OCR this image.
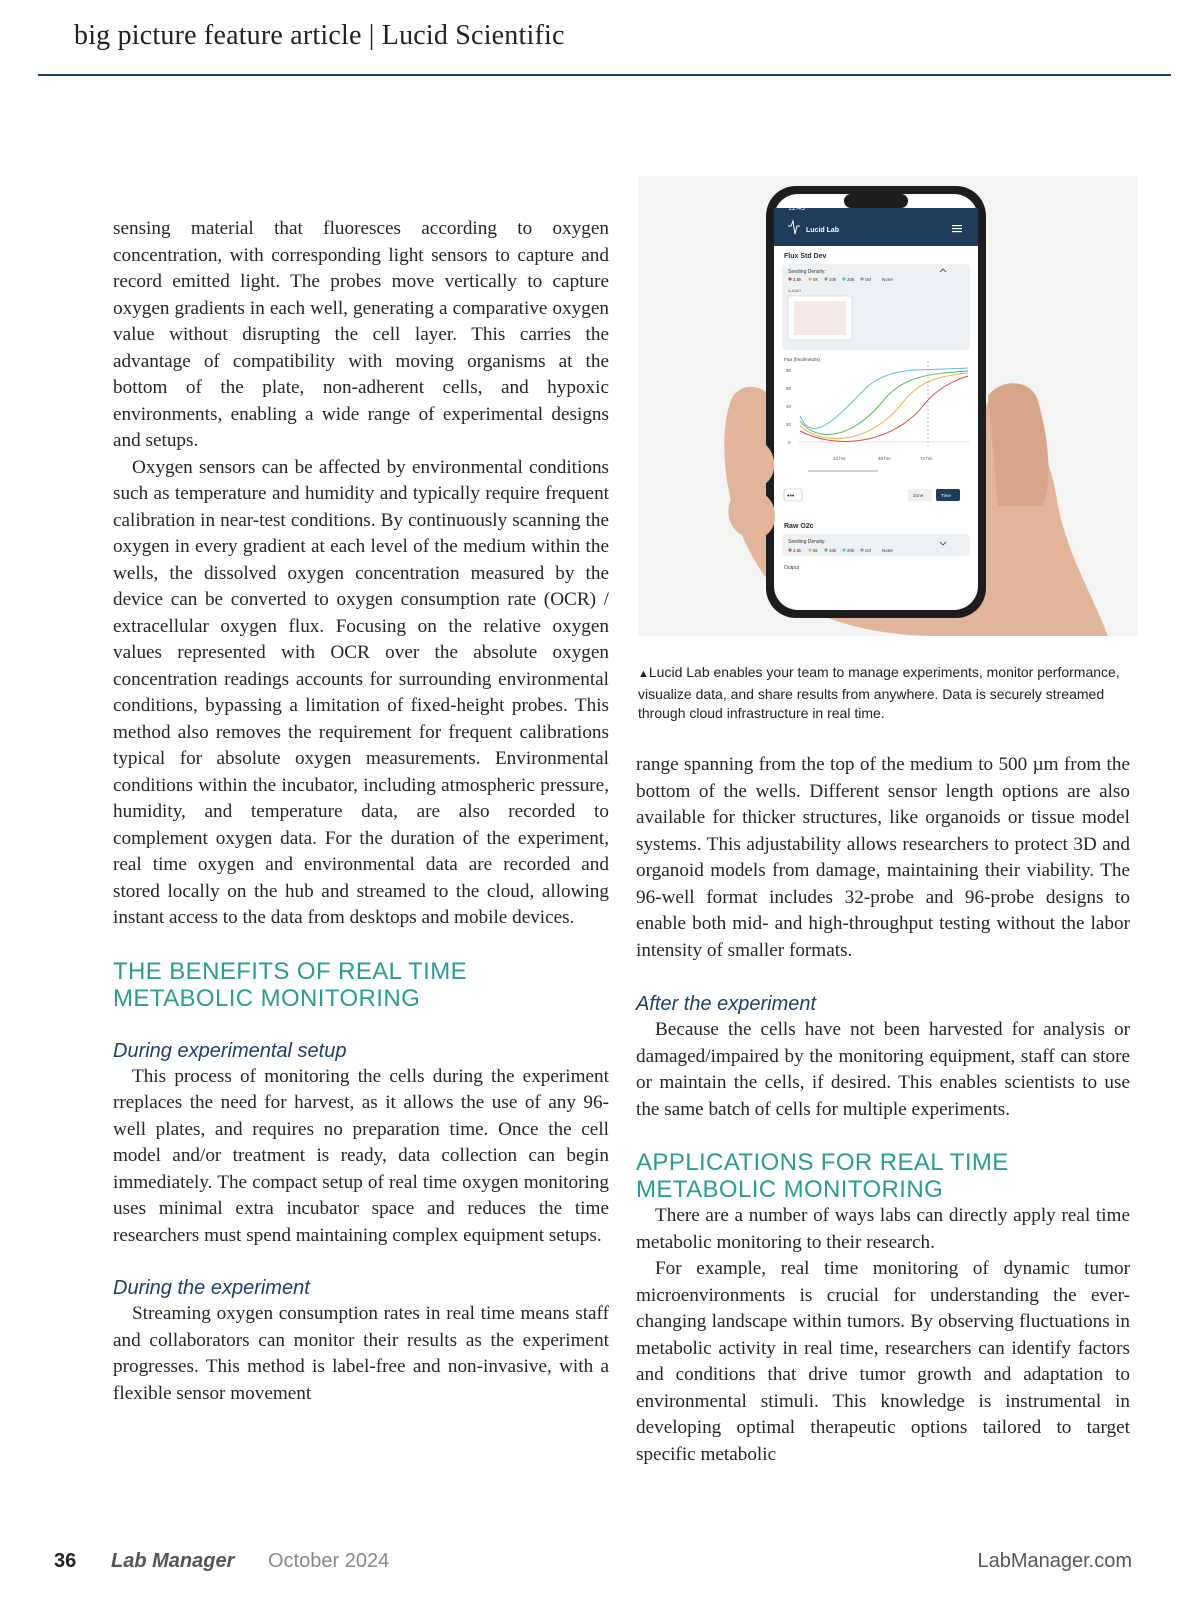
big picture feature article | Lucid Scientific

sensing material that fluoresces according to oxygen concentration, with corresponding light sensors to capture and record emitted light. The probes move vertically to capture oxygen gradients in each well, generating a comparative oxygen value without disrupting the cell layer. This carries the advantage of compatibility with moving organisms at the bottom of the plate, non-adherent cells, and hypoxic environments, enabling a wide range of experimental designs and setups.

Oxygen sensors can be affected by environmental conditions such as temperature and humidity and typically require frequent calibration in near-test conditions. By continuously scanning the oxygen in every gradient at each level of the medium within the wells, the dissolved oxygen concentration measured by the device can be converted to oxygen consumption rate (OCR) / extracellular oxygen flux. Focusing on the relative oxygen values represented with OCR over the absolute oxygen concentration readings accounts for surrounding environmental conditions, bypassing a limitation of fixed-height probes. This method also removes the requirement for frequent calibrations typical for absolute oxygen measurements. Environmental conditions within the incubator, including atmospheric pressure, humidity, and temperature data, are also recorded to complement oxygen data. For the duration of the experiment, real time oxygen and environmental data are recorded and stored locally on the hub and streamed to the cloud, allowing instant access to the data from desktops and mobile devices.

THE BENEFITS OF REAL TIME METABOLIC MONITORING
During experimental setup

This process of monitoring the cells during the experiment rreplaces the need for harvest, as it allows the use of any 96-well plates, and requires no preparation time. Once the cell model and/or treatment is ready, data collection can begin immediately. The compact setup of real time oxygen monitoring uses minimal extra incubator space and reduces the time researchers must spend maintaining complex equipment setups.

During the experiment

Streaming oxygen consumption rates in real time means staff and collaborators can monitor their results as the experiment progresses. This method is label-free and non-invasive, with a flexible sensor movement

11:49
Lucid Lab
Flux Std Dev
Seeding Density:
2.5k	5k 10k 20k ctrl None
4-AA67
Flux (fmol/mm2/s)
80
60
40
20
0
24 hrs	48 hrs	72 hrs
•••	Zone	Time
Raw O2c
Seeding Density:
2.5k	5k 10k 20k ctrl None
Output
▲Lucid Lab enables your team to manage experiments, monitor performance, visualize data, and share results from anywhere. Data is securely streamed through cloud infrastructure in real time.

range spanning from the top of the medium to 500 µm from the bottom of the wells. Different sensor length options are also available for thicker structures, like organoids or tissue model systems. This adjustability allows researchers to protect 3D and organoid models from damage, maintaining their viability. The 96-well format includes 32-probe and 96-probe designs to enable both mid- and high-throughput testing without the labor intensity of smaller formats.

After the experiment

Because the cells have not been harvested for analysis or damaged/impaired by the monitoring equipment, staff can store or maintain the cells, if desired. This enables scientists to use the same batch of cells for multiple experiments.

APPLICATIONS FOR REAL TIME METABOLIC MONITORING

There are a number of ways labs can directly apply real time metabolic monitoring to their research.

For example, real time monitoring of dynamic tumor microenvironments is crucial for understanding the ever-changing landscape within tumors. By observing fluctuations in metabolic activity in real time, researchers can identify factors and conditions that drive tumor growth and adaptation to environmental stimuli. This knowledge is instrumental in developing optimal therapeutic options tailored to target specific metabolic

36 Lab Manager October 2024	LabManager.com
